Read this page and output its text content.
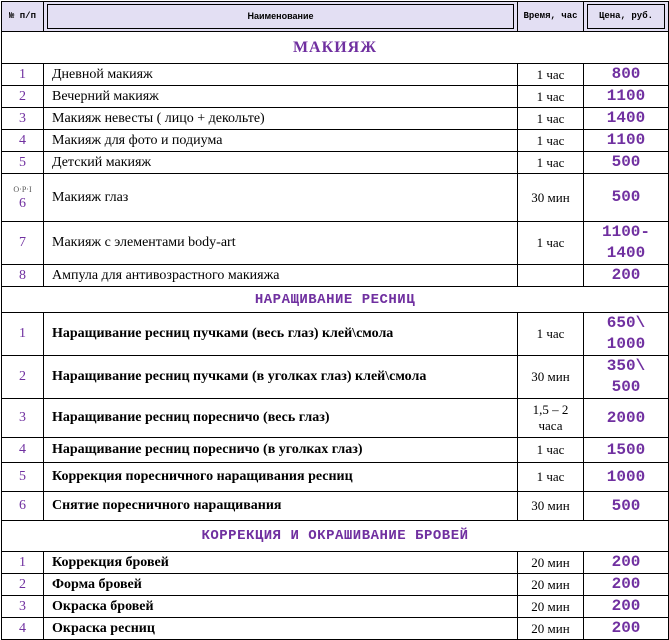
№ п/п	Наименование	Время, час	Цена, руб.

МАКИЯЖ			
1	Дневной макияж	1 час	800
2	Вечерний макияж	1 час	1100
3	Макияж невесты ( лицо + декольте)	1 час	1400
4	Макияж для фото и подиума	1 час	1100
5	Детский макияж	1 час	500

O·P·I
6	Макияж глаз	30 мин	500
7	Макияж с элементами body-art	1 час	1100-1400
8	Ампула для антивозрастного макияжа		200
НАРАЩИВАНИЕ РЕСНИЦ			
1	Наращивание ресниц пучками (весь глаз) клей\смола	1 час	650\ 1000
2	Наращивание ресниц пучками (в уголках глаз) клей\смола	30 мин	350\ 500
3	Наращивание ресниц поресничо (весь глаз)	1,5 – 2 часа	2000
4	Наращивание ресниц поресничо (в уголках глаз)	1 час	1500
5	Коррекция поресничного наращивания ресниц	1 час	1000
6	Снятие поресничного наращивания	30 мин	500
КОРРЕКЦИЯ И ОКРАШИВАНИЕ БРОВЕЙ			
1	Коррекция бровей	20 мин	200
2	Форма бровей	20 мин	200
3	Окраска бровей	20 мин	200
4	Окраска ресниц	20 мин	200
